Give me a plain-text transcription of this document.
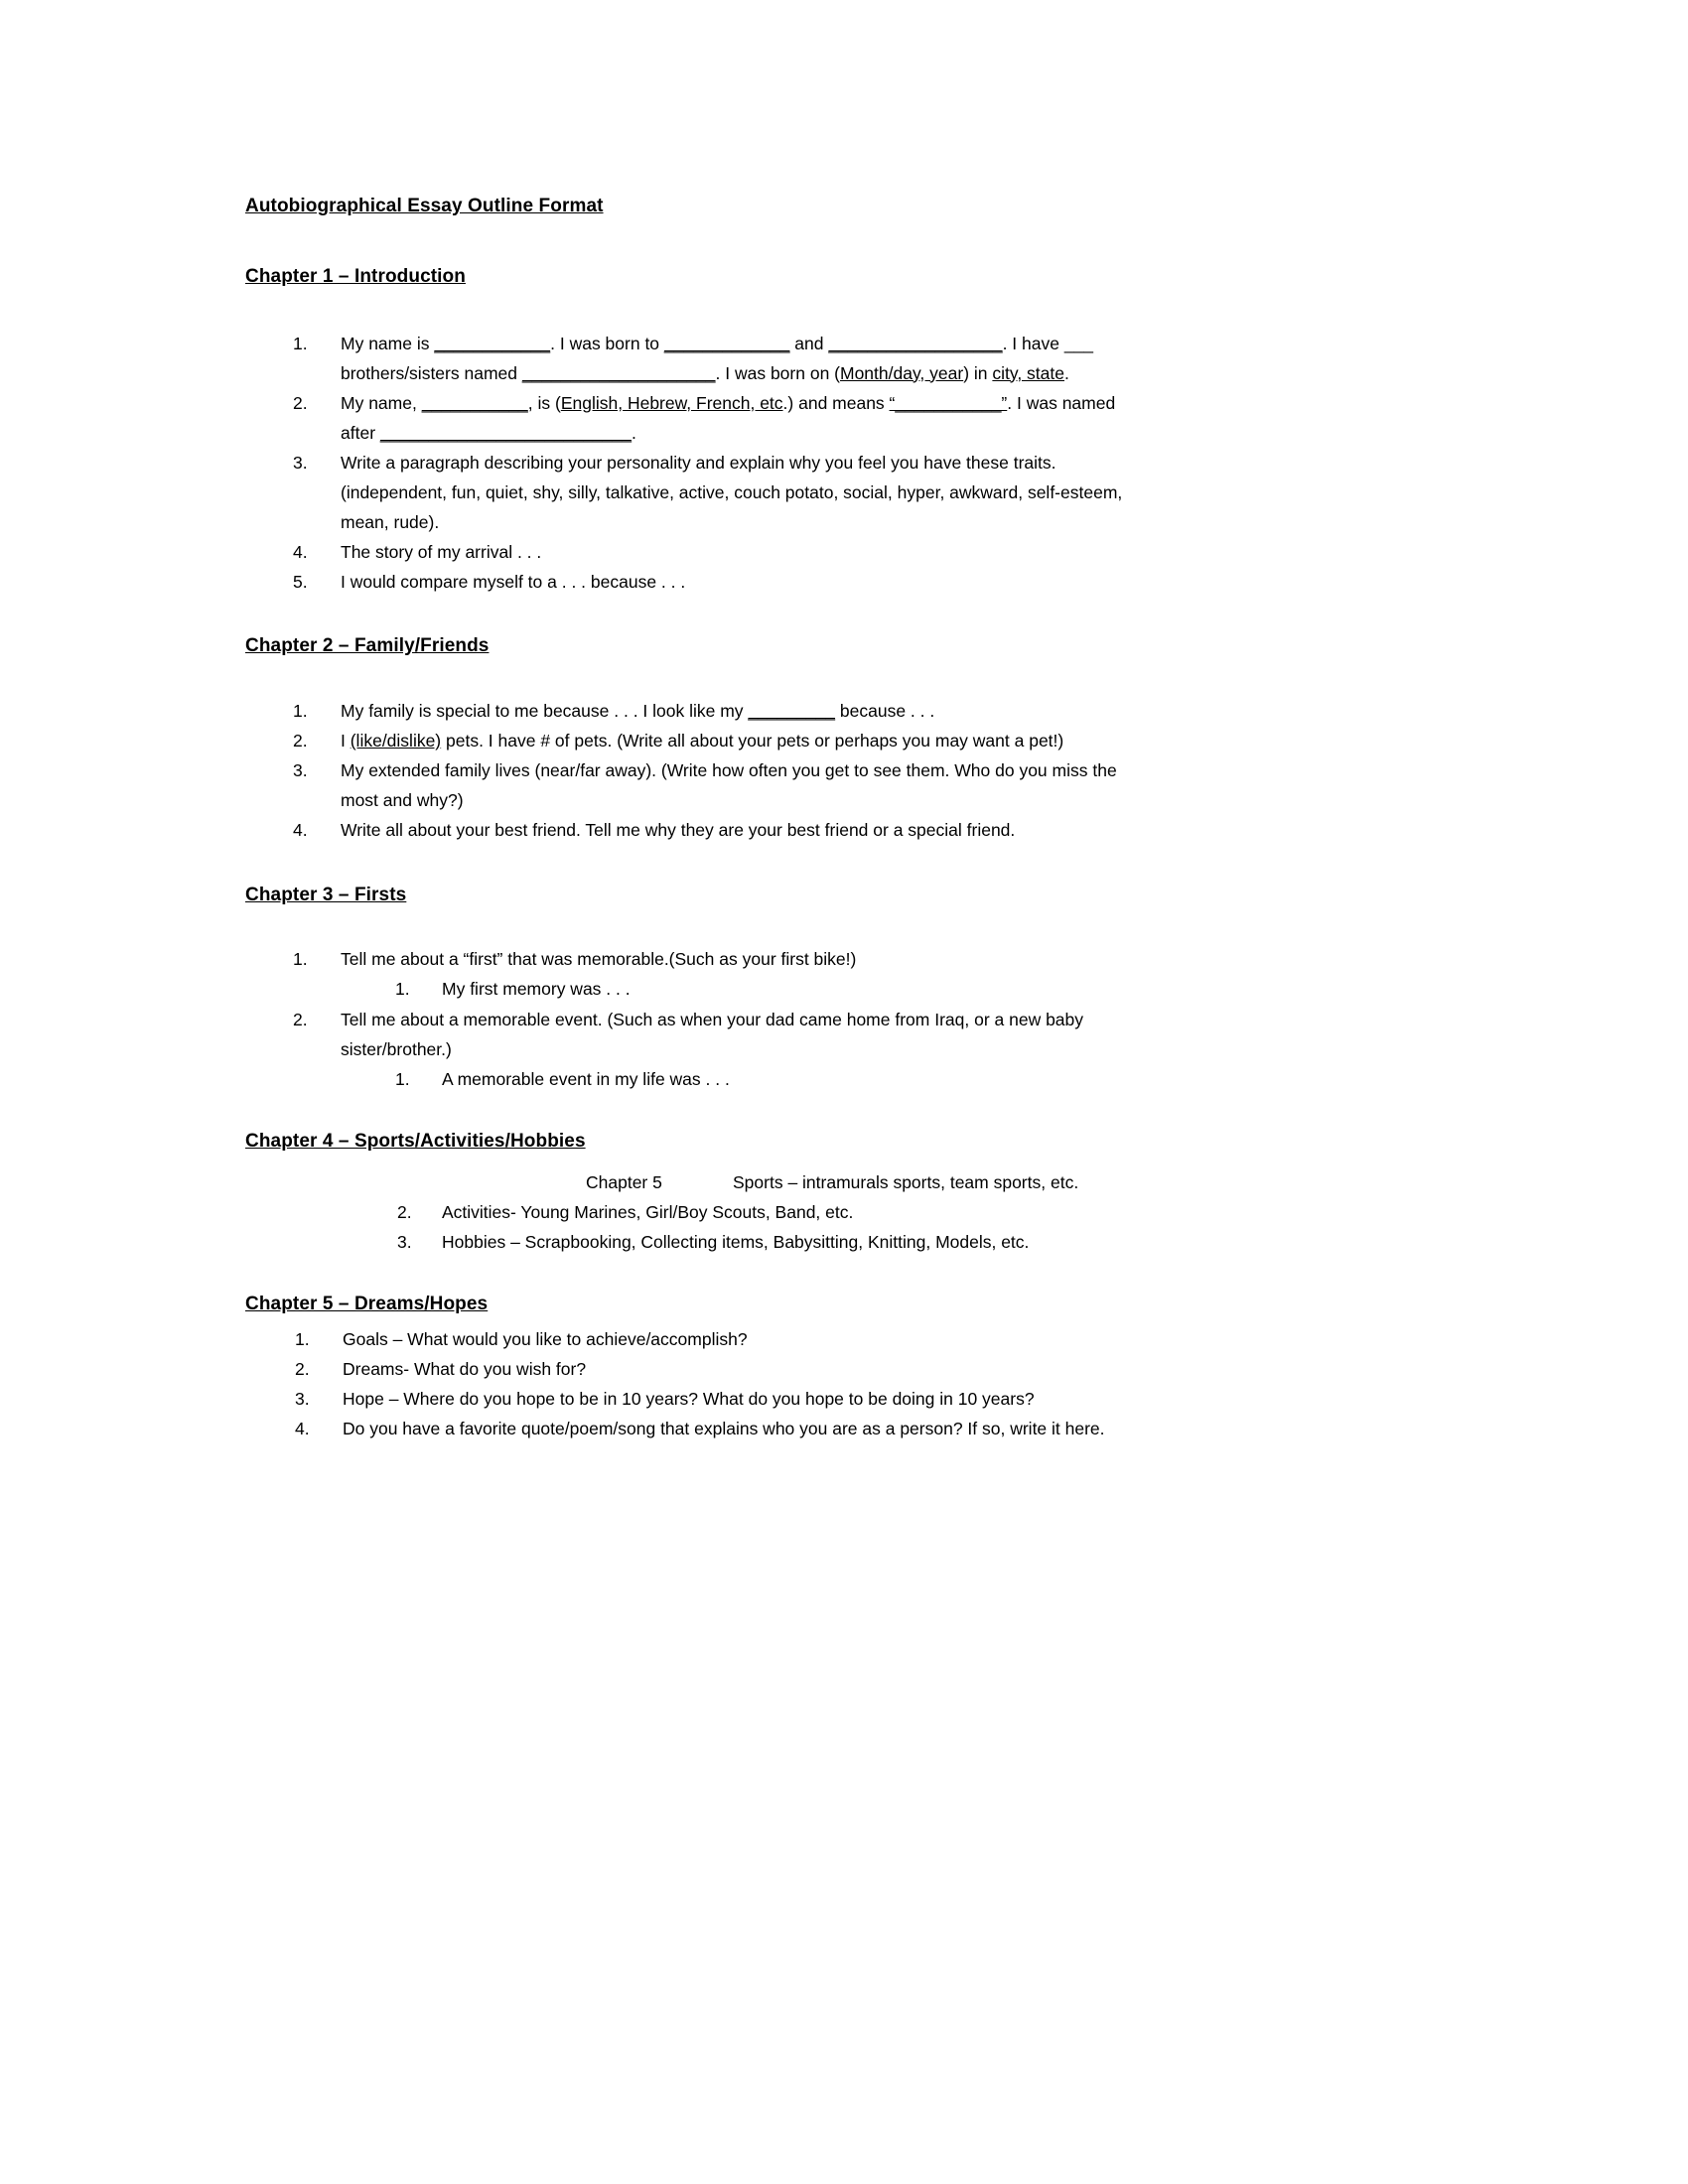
Autobiographical Essay Outline Format
Chapter 1 – Introduction
1.	My name is ____________. I was born to _____________ and __________________. I have ___ brothers/sisters named ____________________. I was born on (Month/day, year) in city, state.
2.	My name, ___________, is (English, Hebrew, French, etc.) and means “___________”. I was named after __________________________.
3.	Write a paragraph describing your personality and explain why you feel you have these traits.(independent, fun, quiet, shy, silly, talkative, active, couch potato, social, hyper, awkward, self-esteem, mean, rude).
4.	The story of my arrival . . .
5.	I would compare myself to a . . . because . . .
Chapter 2 – Family/Friends
1.	My family is special to me because . . . I look like my _________ because . . .
2.	I (like/dislike) pets. I have # of pets. (Write all about your pets or perhaps you may want a pet!)
3.	My extended family lives (near/far away). (Write how often you get to see them. Who do you miss the most and why?)
4.	Write all about your best friend. Tell me why they are your best friend or a special friend.
Chapter 3 – Firsts
1.	Tell me about a “first” that was memorable.(Such as your first bike!)
1.	My first memory was . . .
2.	Tell me about a memorable event. (Such as when your dad came home from Iraq, or a new baby sister/brother.)
1.	A memorable event in my life was . . .
Chapter 4 – Sports/Activities/Hobbies
Chapter 5	Sports – intramurals sports, team sports, etc.
2.	Activities- Young Marines, Girl/Boy Scouts, Band, etc.
3.	Hobbies – Scrapbooking, Collecting items, Babysitting, Knitting, Models, etc.
Chapter 5 – Dreams/Hopes
1.	Goals – What would you like to achieve/accomplish?
2.	Dreams- What do you wish for?
3.	Hope – Where do you hope to be in 10 years? What do you hope to be doing in 10 years?
4.	Do you have a favorite quote/poem/song that explains who you are as a person? If so, write it here.
